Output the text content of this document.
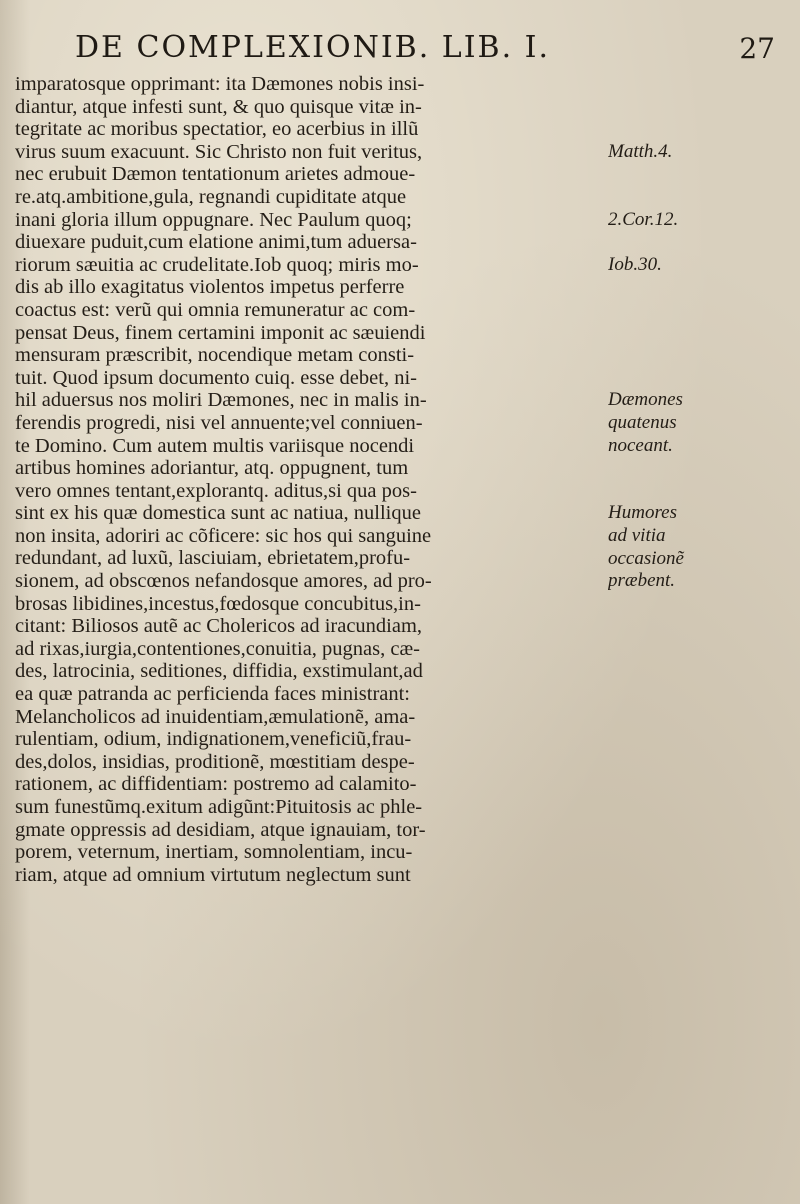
DE COMPLEXIONIB. LIB. I.	27
imparatosque opprimant: ita Dæmones nobis insi-
diantur, atque infesti sunt, & quo quisque vitæ in-
tegritate ac moribus spectatior, eo acerbius in illũ
virus suum exacuunt. Sic Christo non fuit veritus,
nec erubuit Dæmon tentationum arietes admoue-
re.atq.ambitione,gula, regnandi cupiditate atque
inani gloria illum oppugnare. Nec Paulum quoq;
diuexare puduit,cum elatione animi,tum aduersa-
riorum sæuitia ac crudelitate.Iob quoq; miris mo-
dis ab illo exagitatus violentos impetus perferre
coactus est: verũ qui omnia remuneratur ac com-
pensat Deus, finem certamini imponit ac sæuiendi
mensuram præscribit, nocendique metam consti-
tuit. Quod ipsum documento cuiq. esse debet, ni-
hil aduersus nos moliri Dæmones, nec in malis in-
ferendis progredi, nisi vel annuente;vel conniuen-
te Domino. Cum autem multis variisque nocendi
artibus homines adoriantur, atq. oppugnent, tum
vero omnes tentant,explorantq. aditus,si qua pos-
sint ex his quæ domestica sunt ac natiua, nullique
non insita, adoriri ac cõficere: sic hos qui sanguine
redundant, ad luxũ, lasciuiam, ebrietatem,profu-
sionem, ad obscœnos nefandosque amores, ad pro-
brosas libidines,incestus,fœdosque concubitus,in-
citant: Biliosos autẽ ac Cholericos ad iracundiam,
ad rixas,iurgia,contentiones,conuitia, pugnas, cæ-
des, latrocinia, seditiones, diffidia, exstimulant,ad
ea quæ patranda ac perficienda faces ministrant:
Melancholicos ad inuidentiam,æmulationẽ, ama-
rulentiam, odium, indignationem,veneficiũ,frau-
des,dolos, insidias, proditionẽ, mœstitiam despe-
rationem, ac diffidentiam: postremo ad calamito-
sum funestũmq.exitum adigũnt:Pituitosis ac phle-
gmate oppressis ad desidiam, atque ignauiam, tor-
porem, veternum, inertiam, somnolentiam, incu-
riam, atque ad omnium virtutum neglectum sunt
Matth.4.
2.Cor.12.
Iob.30.
Dæmones
quatenus
noceant.
Humores
ad vitia
occasionẽ
præbent.
